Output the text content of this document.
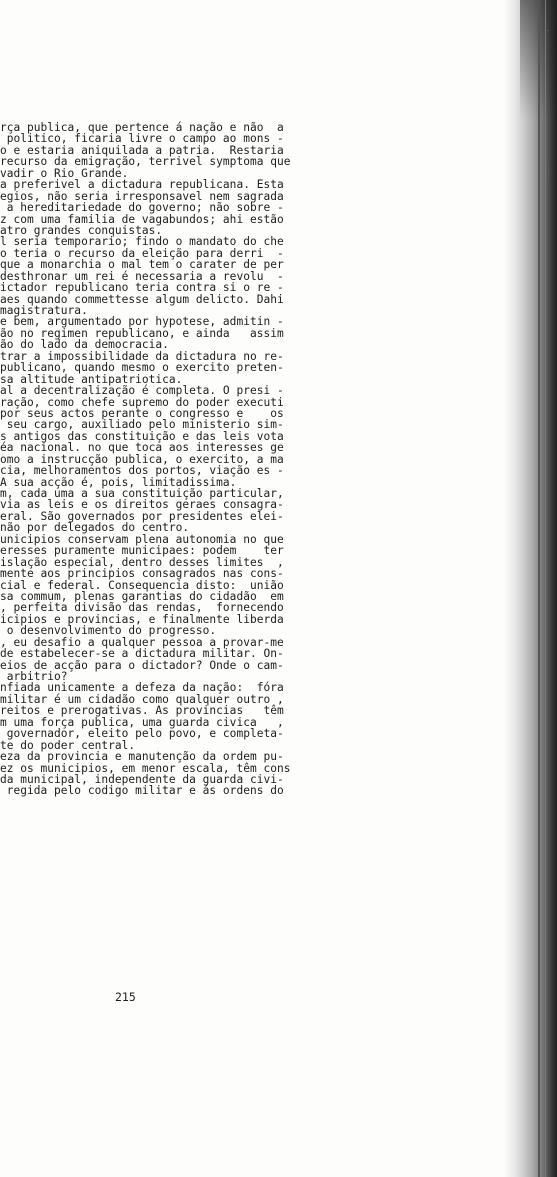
rça publica, que pertence á nação e não  a
politico, ficaria livre o campo ao mons -
o e estaria aniquilada a patria.  Restaria
recurso da emigração, terrivel symptoma que
vadir o Rio Grande.
a preferivel a dictadura republicana. Esta
egios, não seria irresponsavel nem sagrada
a hereditariedade do governo; não sobre -
z com uma familia de vagabundos; ahi estão
atro grandes conquistas.
l seria temporario; findo o mandato do che
o teria o recurso da eleição para derri  -
que a monarchia o mal tem o carater de per
desthronar um rei é necessaria a revolu  -
ictador republicano teria contra si o re -
aes quando commettesse algum delicto. Dahi
magistratura.
e bem, argumentado por hypotese, admitin -
ão no regimen republicano, e ainda   assim
ão do lado da democracia.
trar a impossibilidade da dictadura no re-
publicano, quando mesmo o exercito preten-
sa altitude antipatriotica.
al a decentralização é completa. O presi -
ração, como chefe supremo do poder executi
por seus actos perante o congresso e    os
seu cargo, auxiliado pelo ministerio sim-
s antigos das constituição e das leis vota
éa nacional. no que toca aos interesses ge
omo a instrucção publica, o exercito, a ma
cia, melhoramentos dos portos, viação es -
A sua acção é, pois, limitadissima.
m, cada uma a sua constituição particular,
via as leis e os direitos geraes consagra-
eral. São governados por presidentes elei-
não por delegados do centro.
unicipios conservam plena autonomia no que
eresses puramente municipaes: podem    ter
islação especial, dentro desses limites  ,
mente aos principios consagrados nas cons-
cial e federal. Consequencia disto:  união
sa commum, plenas garantias do cidadão  em
, perfeita divisão das rendas,  fornecendo
icipios e provincias, e finalmente liberda
o desenvolvimento do progresso.
, eu desafio a qualquer pessoa a provar-me
de estabelecer-se a dictadura militar. On-
eios de acção para o dictador? Onde o cam-
arbitrio?
nfiada unicamente a defeza da nação:  fóra
militar é um cidadão como qualquer outro ,
reitos e prerogativas. As provincias   têm
m uma força publica, uma guarda civica   ,
governador, eleito pelo povo, e completa-
te do poder central.
eza da provincia e manutenção da ordem pu-
ez os municipios, em menor escala, têm cons
da municipal, independente da guarda civi-
regida pelo codigo militar e ás ordens do
215
